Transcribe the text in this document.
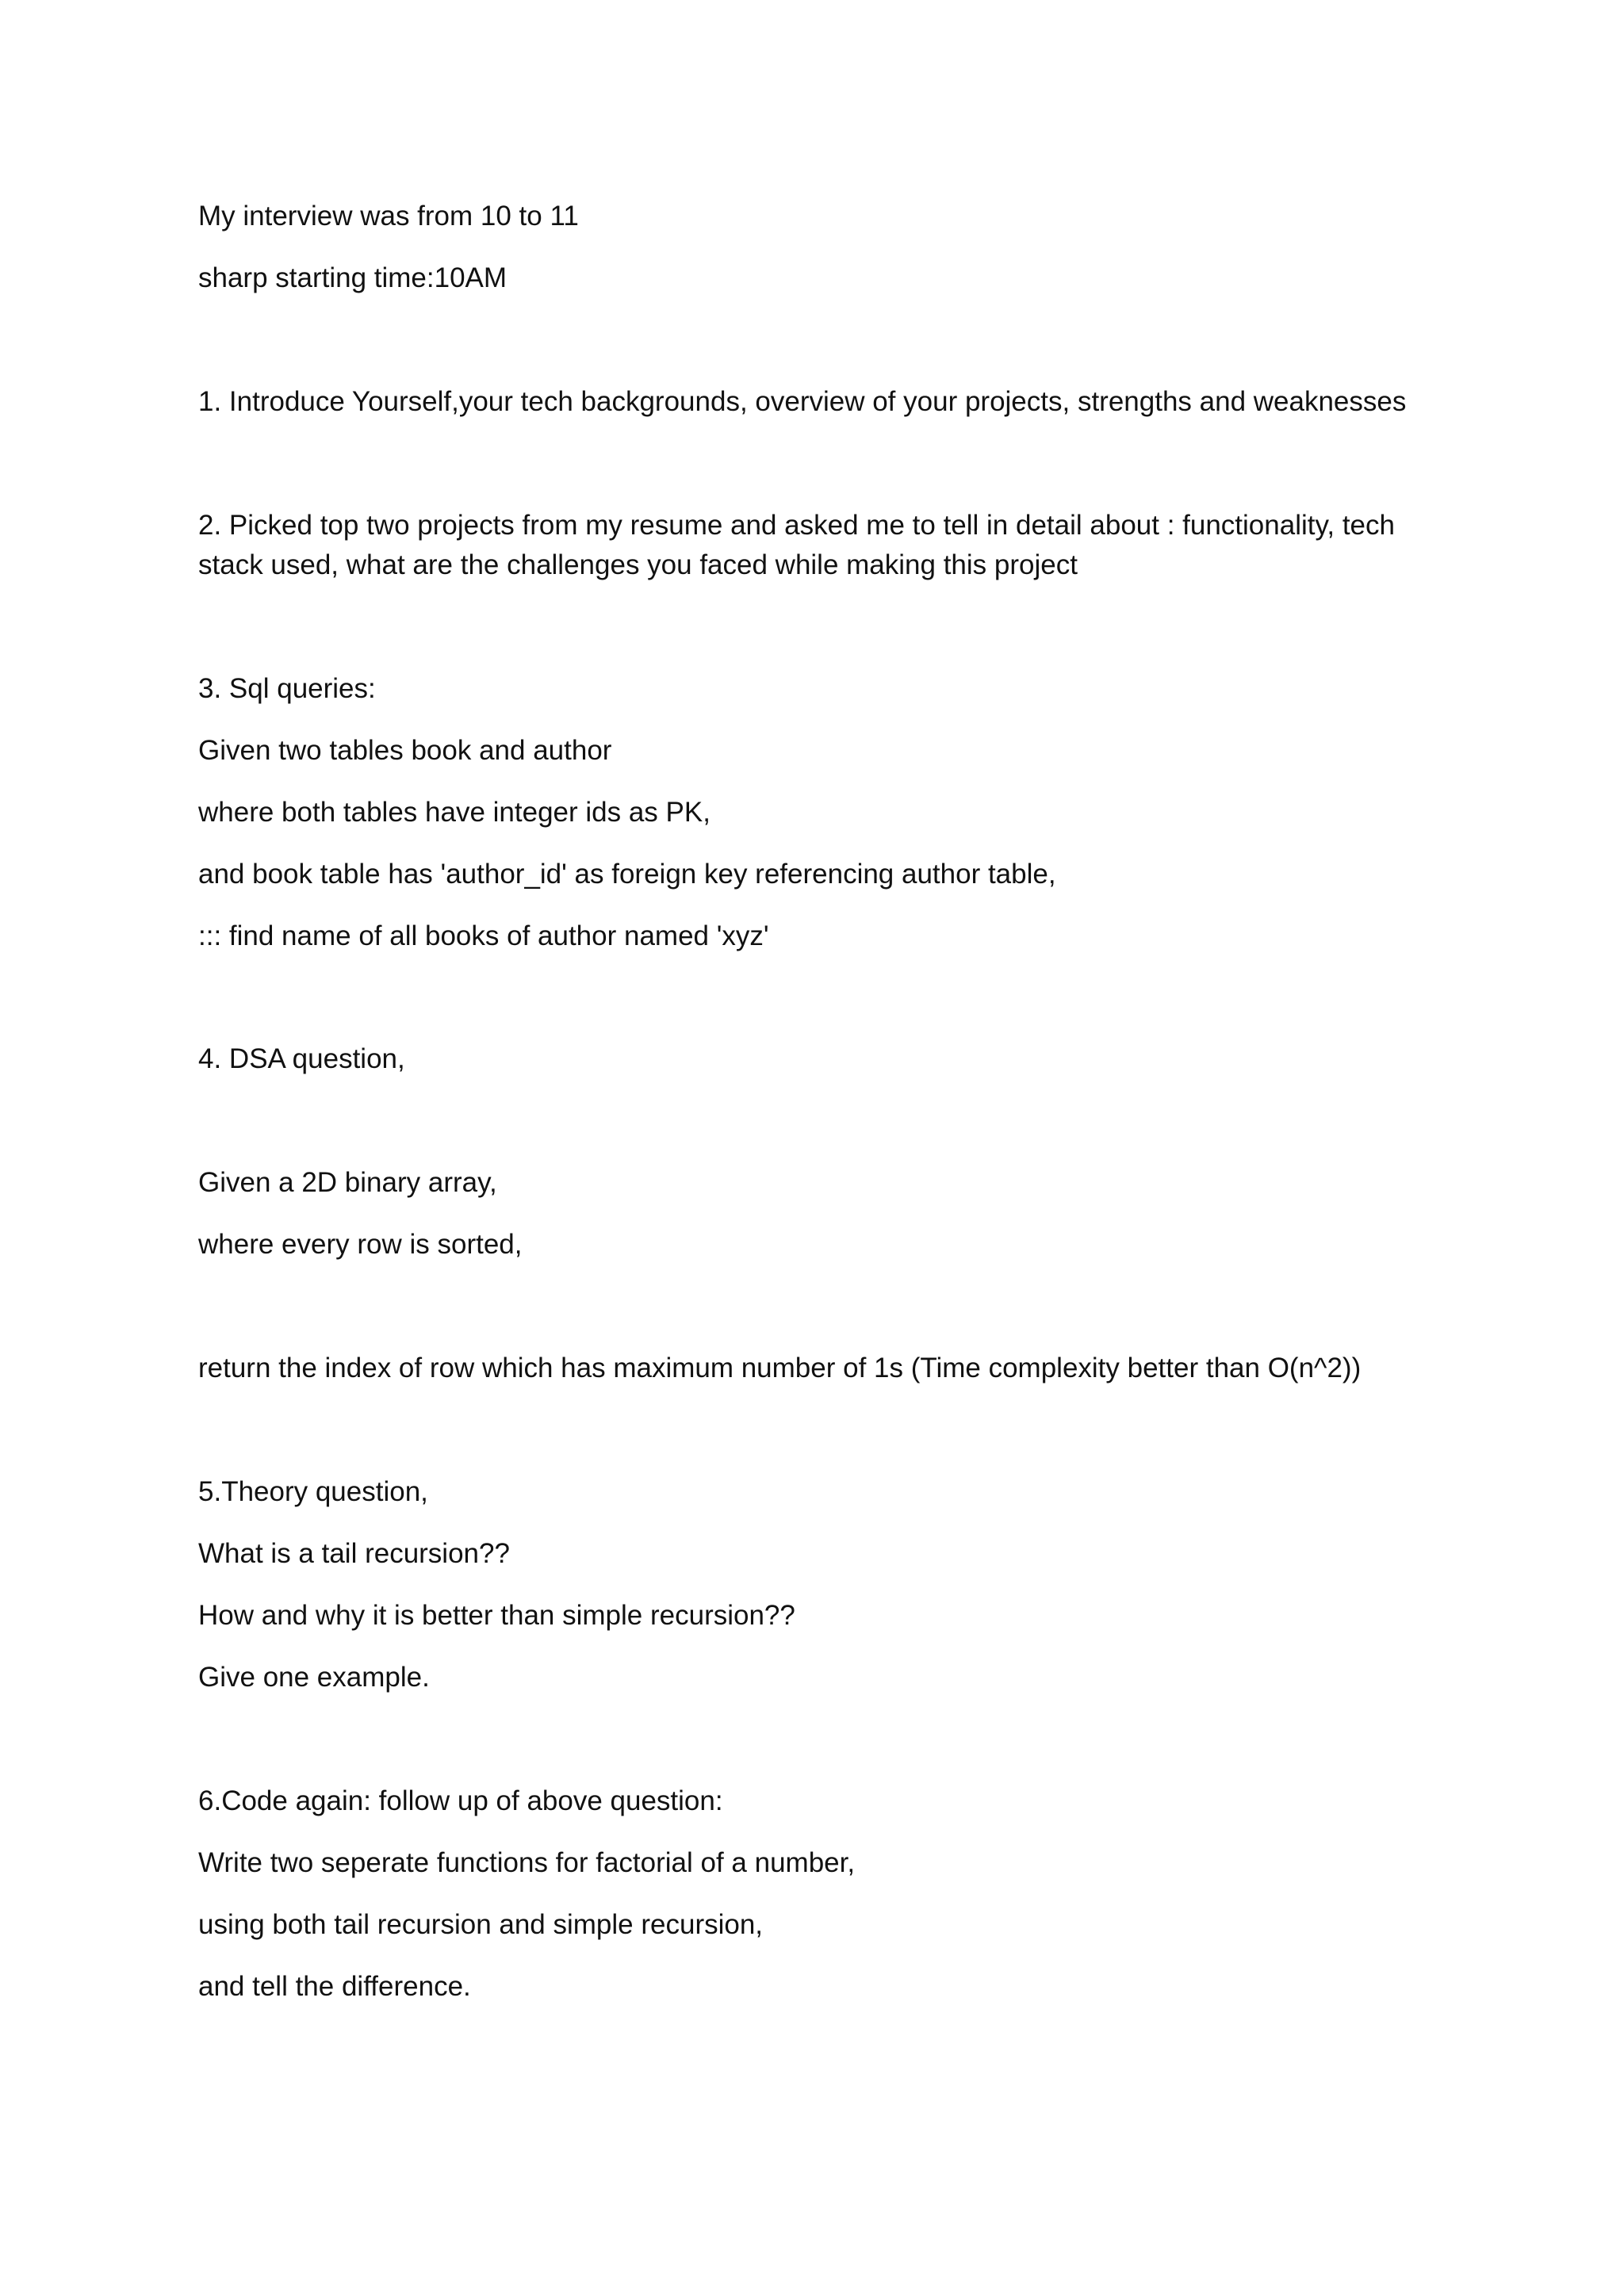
My interview was from 10 to 11

sharp starting time:10AM

1. Introduce Yourself,your tech backgrounds, overview of your projects, strengths and weaknesses

2. Picked top two projects from my resume and asked me to tell in detail about : functionality, tech

stack used, what are the challenges you faced while making this project

3. Sql queries:

Given two tables book and author

where both tables have integer ids as PK,

and book table has 'author_id' as foreign key referencing author table,

::: find name of all books of author named 'xyz'

4. DSA question,

Given a 2D binary array,

where every row is sorted,

return the index of row which has maximum number of 1s (Time complexity better than O(n^2))

5.Theory question,

What is a tail recursion??

How and why it is better than simple recursion??

Give one example.

6.Code again: follow up of above question:

Write two seperate functions for factorial of a number,

using both tail recursion and simple recursion,

and tell the difference.
